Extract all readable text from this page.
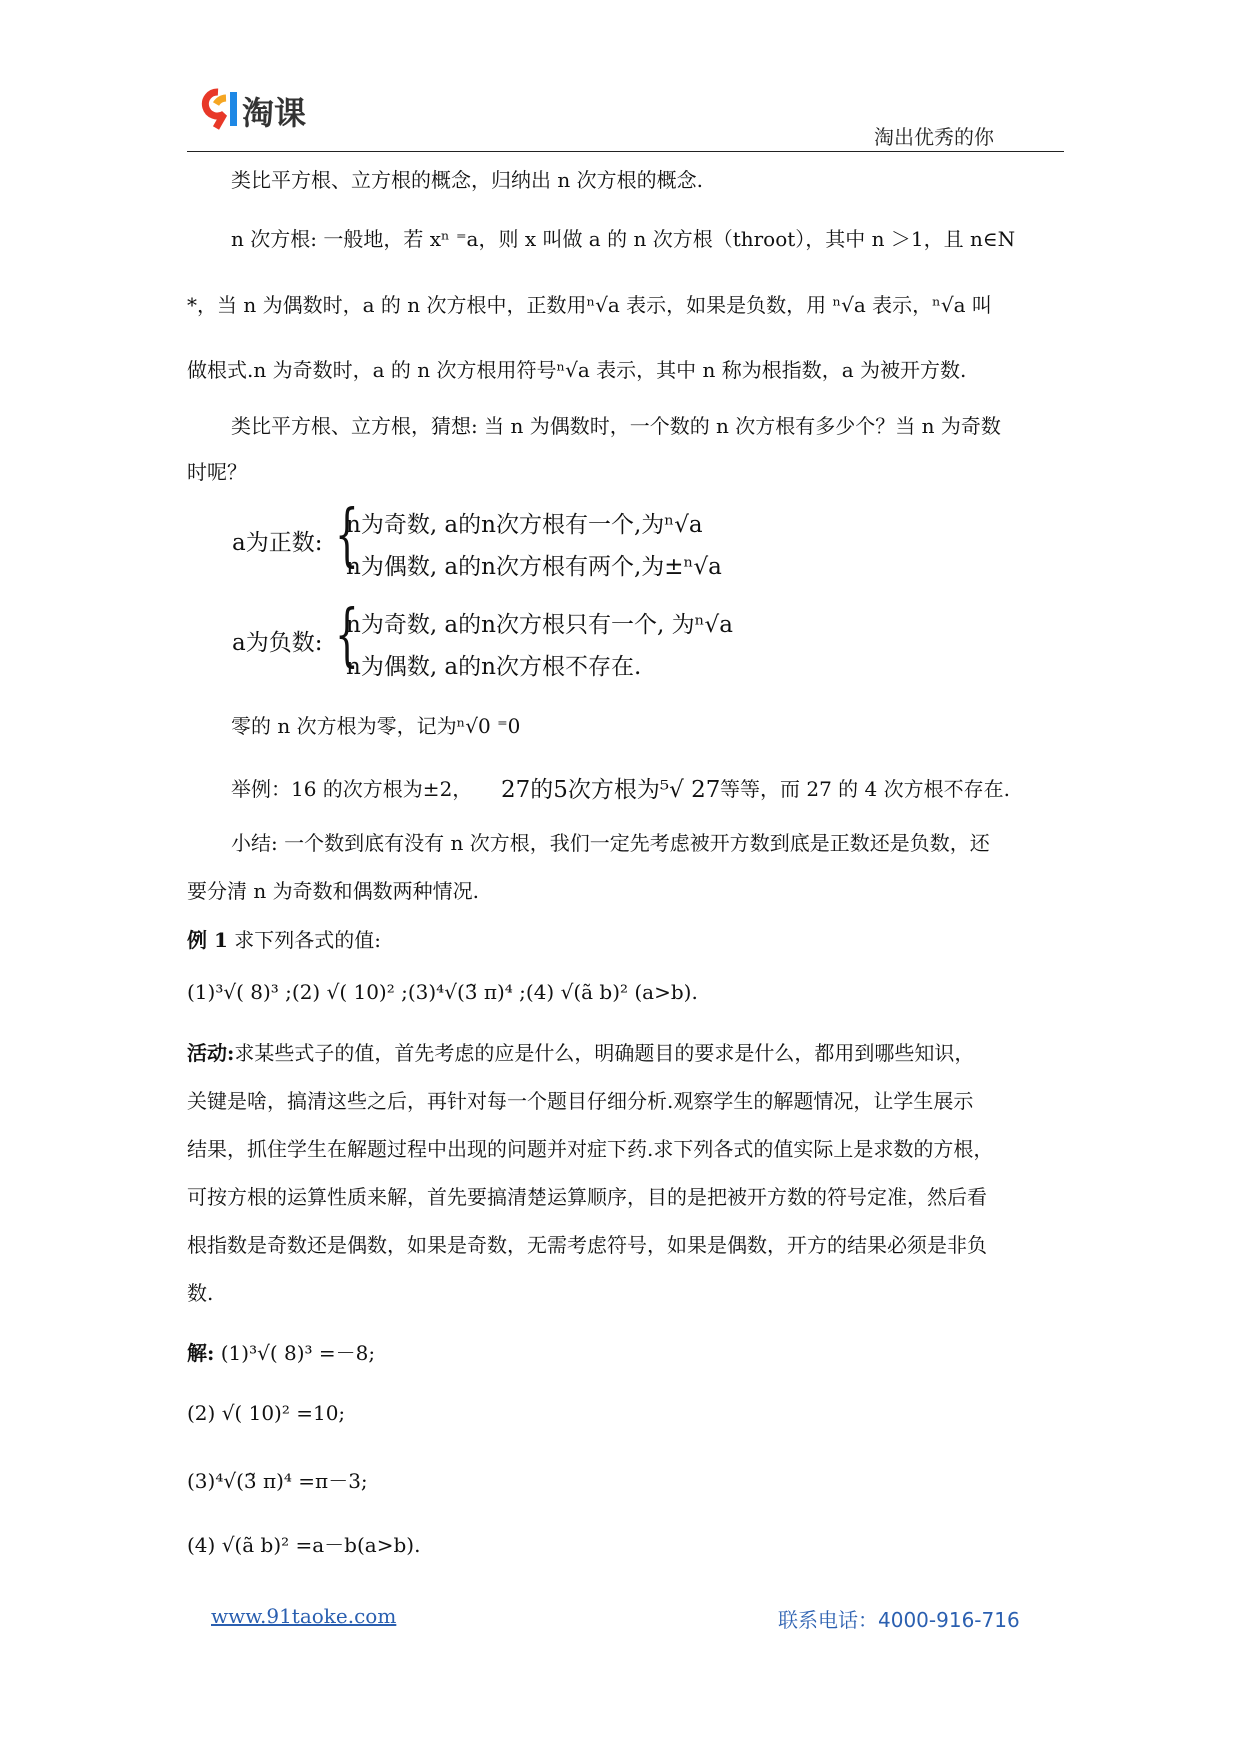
淘课
淘出优秀的你
类比平方根、立方根的概念，归纳出 n 次方根的概念.
n 次方根: 一般地，若 xⁿ ⁼a，则 x 叫做 a 的 n 次方根（throot），其中 n ＞1，且 n∈N
*，当 n 为偶数时，a 的 n 次方根中，正数用ⁿ√a 表示，如果是负数，用 ⁿ√a 表示，ⁿ√a 叫
做根式.n 为奇数时，a 的 n 次方根用符号ⁿ√a 表示，其中 n 称为根指数，a 为被开方数.
类比平方根、立方根，猜想: 当 n 为偶数时，一个数的 n 次方根有多少个？当 n 为奇数
时呢？
a为正数: {
n为奇数, a的n次方根有一个,为ⁿ√a
n为偶数, a的n次方根有两个,为±ⁿ√a
a为负数: {
n为奇数, a的n次方根只有一个, 为ⁿ√a
n为偶数, a的n次方根不存在.
零的 n 次方根为零，记为ⁿ√0 ⁼0
举例：16 的次方根为±2， 27的5次方根为⁵√ 27 等等，而 27 的 4 次方根不存在.
小结: 一个数到底有没有 n 次方根，我们一定先考虑被开方数到底是正数还是负数，还
要分清 n 为奇数和偶数两种情况.
例 1 求下列各式的值:
(1)³√( 8)³ ;(2) √( 10)² ;(3)⁴√(3̃ π)⁴ ;(4) √(ã b)² (a>b).
活动:求某些式子的值，首先考虑的应是什么，明确题目的要求是什么，都用到哪些知识，
关键是啥，搞清这些之后，再针对每一个题目仔细分析.观察学生的解题情况，让学生展示
结果，抓住学生在解题过程中出现的问题并对症下药.求下列各式的值实际上是求数的方根，
可按方根的运算性质来解，首先要搞清楚运算顺序，目的是把被开方数的符号定准，然后看
根指数是奇数还是偶数，如果是奇数，无需考虑符号，如果是偶数，开方的结果必须是非负
数.
解: (1)³√( 8)³ =－8;
(2) √( 10)² =10;
(3)⁴√(3̃ π)⁴ =π－3;
(4) √(ã b)² =a－b(a>b).
www.91taoke.com	联系电话：4000-916-716
